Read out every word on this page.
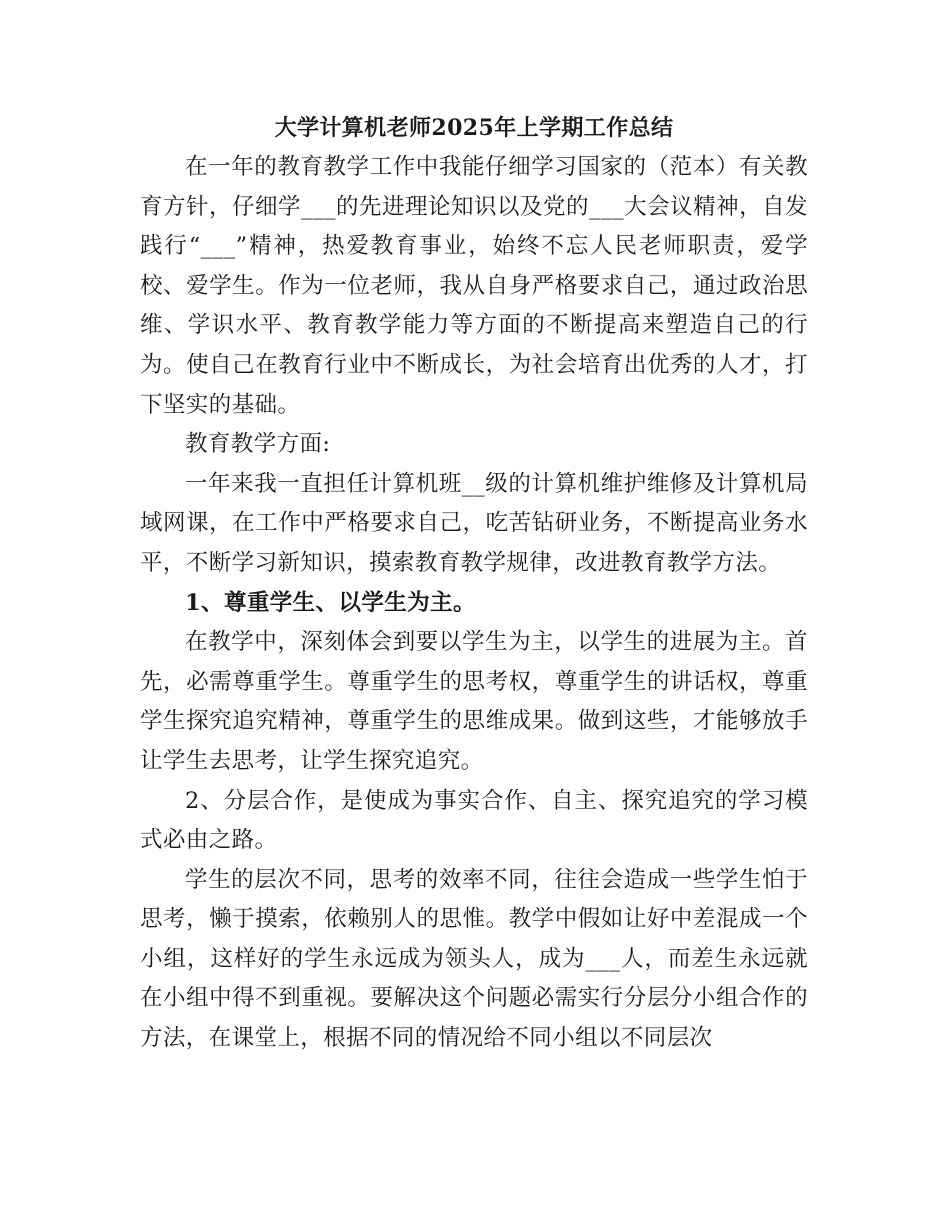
大学计算机老师2025年上学期工作总结

在一年的教育教学工作中我能仔细学习国家的（范本）有关教育方针，仔细学___的先进理论知识以及党的___大会议精神，自发践行“___”精神，热爱教育事业，始终不忘人民老师职责，爱学校、爱学生。作为一位老师，我从自身严格要求自己，通过政治思维、学识水平、教育教学能力等方面的不断提高来塑造自己的行为。使自己在教育行业中不断成长，为社会培育出优秀的人才，打下坚实的基础。

教育教学方面:

一年来我一直担任计算机班__级的计算机维护维修及计算机局域网课，在工作中严格要求自己，吃苦钻研业务，不断提高业务水平，不断学习新知识，摸索教育教学规律，改进教育教学方法。

1、尊重学生、以学生为主。

在教学中，深刻体会到要以学生为主，以学生的进展为主。首先，必需尊重学生。尊重学生的思考权，尊重学生的讲话权，尊重学生探究追究精神，尊重学生的思维成果。做到这些，才能够放手让学生去思考，让学生探究追究。

2、分层合作，是使成为事实合作、自主、探究追究的学习模式必由之路。

学生的层次不同，思考的效率不同，往往会造成一些学生怕于思考，懒于摸索，依赖别人的思惟。教学中假如让好中差混成一个小组，这样好的学生永远成为领头人，成为___人，而差生永远就在小组中得不到重视。要解决这个问题必需实行分层分小组合作的方法，在课堂上，根据不同的情况给不同小组以不同层次
